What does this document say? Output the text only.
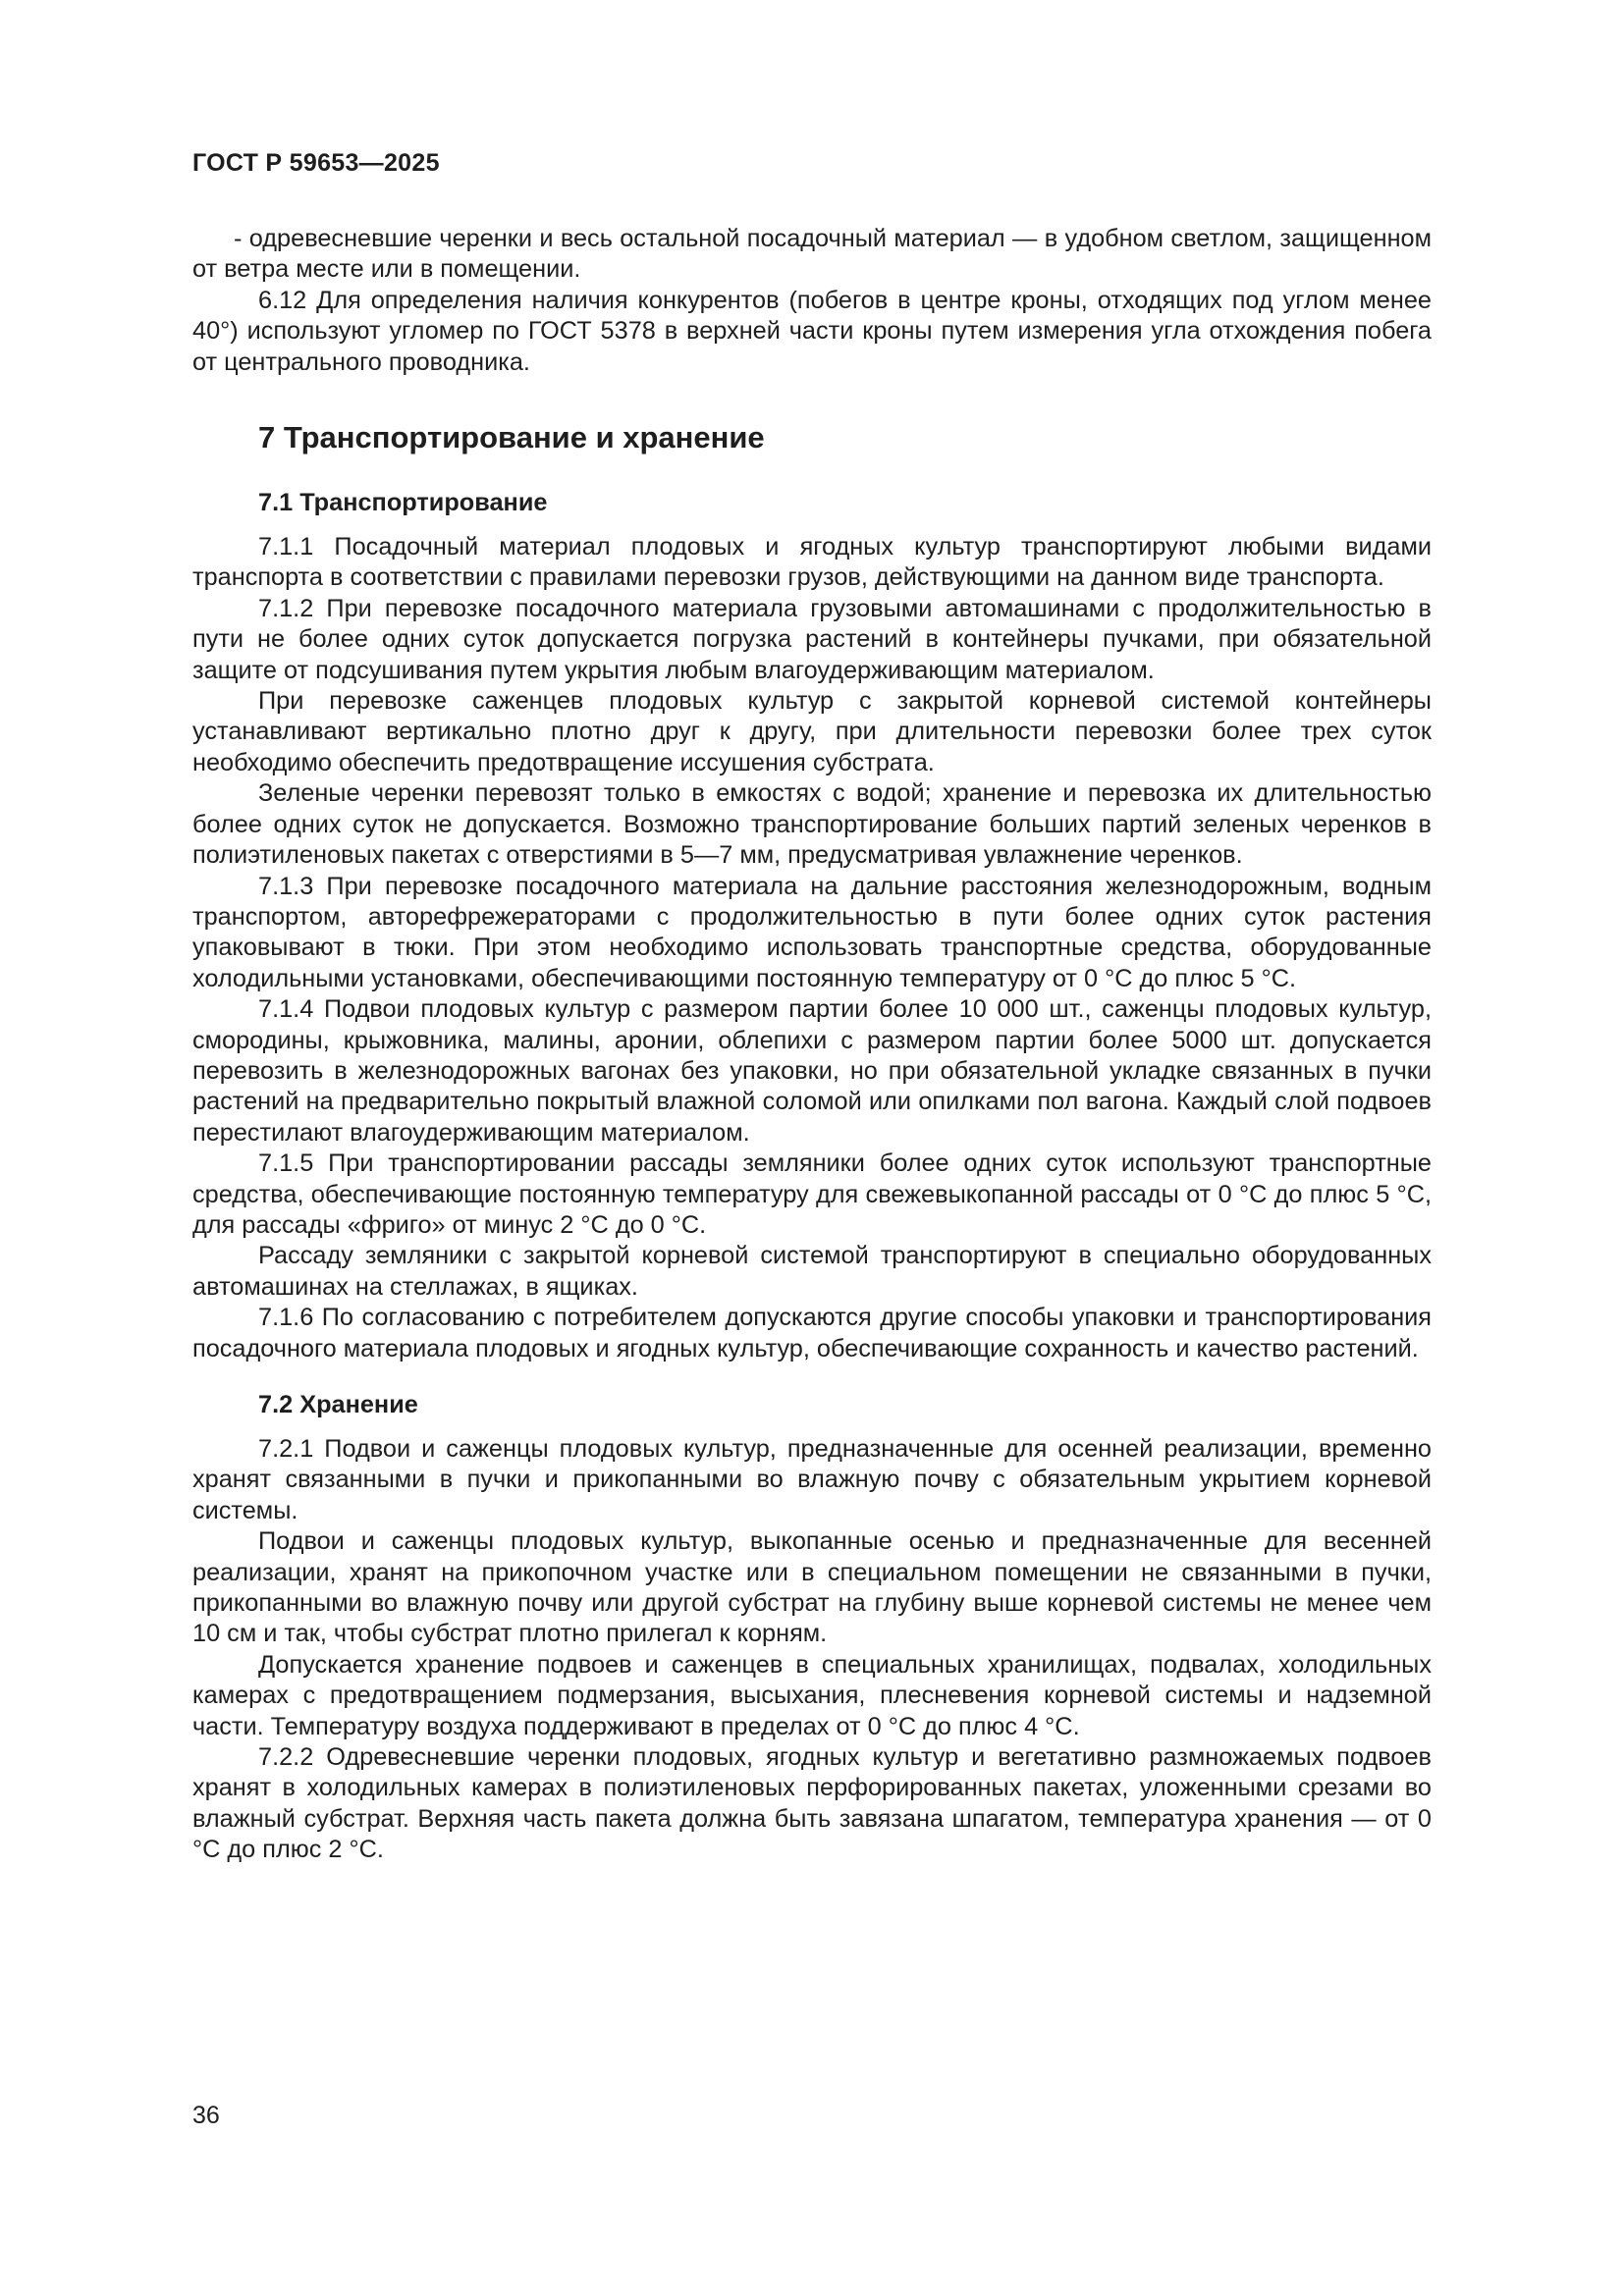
ГОСТ Р 59653—2025

- одревесневшие черенки и весь остальной посадочный материал — в удобном светлом, защищенном от ветра месте или в помещении.

6.12 Для определения наличия конкурентов (побегов в центре кроны, отходящих под углом менее 40°) используют угломер по ГОСТ 5378 в верхней части кроны путем измерения угла отхождения побега от центрального проводника.

7 Транспортирование и хранение
7.1 Транспортирование

7.1.1 Посадочный материал плодовых и ягодных культур транспортируют любыми видами транспорта в соответствии с правилами перевозки грузов, действующими на данном виде транспорта.

7.1.2 При перевозке посадочного материала грузовыми автомашинами с продолжительностью в пути не более одних суток допускается погрузка растений в контейнеры пучками, при обязательной защите от подсушивания путем укрытия любым влагоудерживающим материалом.

При перевозке саженцев плодовых культур с закрытой корневой системой контейнеры устанавливают вертикально плотно друг к другу, при длительности перевозки более трех суток необходимо обеспечить предотвращение иссушения субстрата.

Зеленые черенки перевозят только в емкостях с водой; хранение и перевозка их длительностью более одних суток не допускается. Возможно транспортирование больших партий зеленых черенков в полиэтиленовых пакетах с отверстиями в 5—7 мм, предусматривая увлажнение черенков.

7.1.3 При перевозке посадочного материала на дальние расстояния железнодорожным, водным транспортом, авторефрежераторами с продолжительностью в пути более одних суток растения упаковывают в тюки. При этом необходимо использовать транспортные средства, оборудованные холодильными установками, обеспечивающими постоянную температуру от 0 °С до плюс 5 °С.

7.1.4 Подвои плодовых культур с размером партии более 10 000 шт., саженцы плодовых культур, смородины, крыжовника, малины, аронии, облепихи с размером партии более 5000 шт. допускается перевозить в железнодорожных вагонах без упаковки, но при обязательной укладке связанных в пучки растений на предварительно покрытый влажной соломой или опилками пол вагона. Каждый слой подвоев перестилают влагоудерживающим материалом.

7.1.5 При транспортировании рассады земляники более одних суток используют транспортные средства, обеспечивающие постоянную температуру для свежевыкопанной рассады от 0 °С до плюс 5 °С, для рассады «фриго» от минус 2 °С до 0 °С.

Рассаду земляники с закрытой корневой системой транспортируют в специально оборудованных автомашинах на стеллажах, в ящиках.

7.1.6 По согласованию с потребителем допускаются другие способы упаковки и транспортирования посадочного материала плодовых и ягодных культур, обеспечивающие сохранность и качество растений.

7.2 Хранение

7.2.1 Подвои и саженцы плодовых культур, предназначенные для осенней реализации, временно хранят связанными в пучки и прикопанными во влажную почву с обязательным укрытием корневой системы.

Подвои и саженцы плодовых культур, выкопанные осенью и предназначенные для весенней реализации, хранят на прикопочном участке или в специальном помещении не связанными в пучки, прикопанными во влажную почву или другой субстрат на глубину выше корневой системы не менее чем 10 см и так, чтобы субстрат плотно прилегал к корням.

Допускается хранение подвоев и саженцев в специальных хранилищах, подвалах, холодильных камерах с предотвращением подмерзания, высыхания, плесневения корневой системы и надземной части. Температуру воздуха поддерживают в пределах от 0 °С до плюс 4 °С.

7.2.2 Одревесневшие черенки плодовых, ягодных культур и вегетативно размножаемых подвоев хранят в холодильных камерах в полиэтиленовых перфорированных пакетах, уложенными срезами во влажный субстрат. Верхняя часть пакета должна быть завязана шпагатом, температура хранения — от 0 °С до плюс 2 °С.

36
